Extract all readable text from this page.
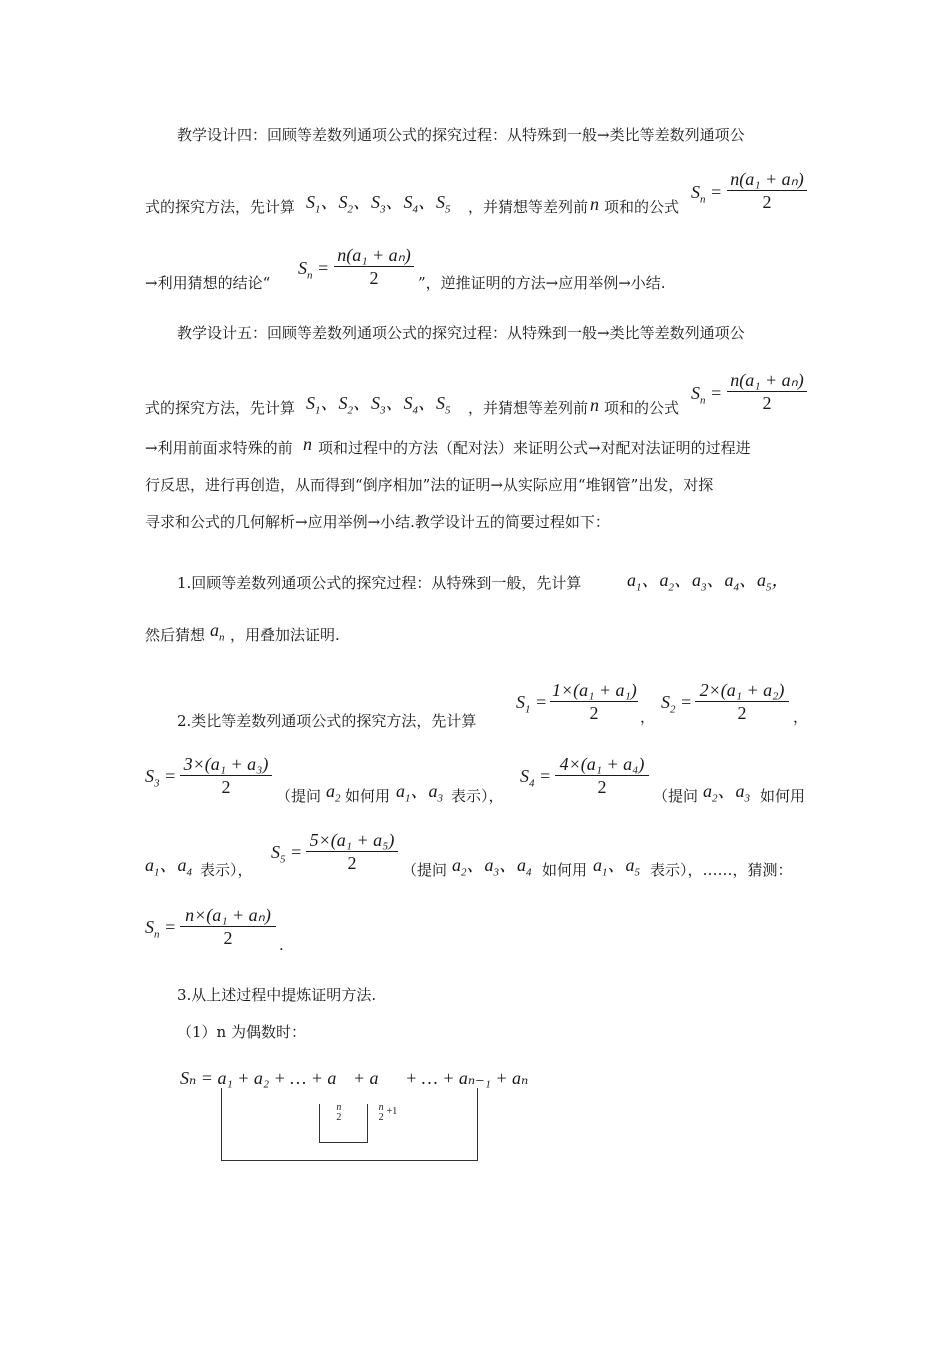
教学设计四：回顾等差数列通项公式的探究过程：从特殊到一般→类比等差数列通项公
式的探究方法，先计算 $S_1$、$S_2$、$S_3$、$S_4$、$S_5$ ，并猜想等差列前 n 项和的公式
$S_n = \frac{\text{n(a₁ + aₙ)}}{2}$
→利用猜想的结论“
$S_n = \frac{\text{n(a₁ + aₙ)}}{2}$ ”，逆推证明的方法→应用举例→小结.
教学设计五：回顾等差数列通项公式的探究过程：从特殊到一般→类比等差数列通项公
式的探究方法，先计算 $S_1$、$S_2$、$S_3$、$S_4$、$S_5$ ，并猜想等差列前 n 项和的公式
$S_n = \frac{\text{n(a₁ + aₙ)}}{2}$
→利用前面求特殊的前 n 项和过程中的方法（配对法）来证明公式→对配对法证明的过程进
行反思，进行再创造，从而得到“倒序相加”法的证明→从实际应用“堆钢管”出发，对探
寻求和公式的几何解析→应用举例→小结.教学设计五的简要过程如下：
1.回顾等差数列通项公式的探究过程：从特殊到一般，先计算	$a_1$、$a_2$、$a_3$、$a_4$、$a_5$，
然后猜想 $a_n$ ，用叠加法证明.
2.类比等差数列通项公式的探究方法，先计算
$S_1 = \frac{\text{1×(a₁ + a₁)}}{2}$ ，
$S_2 = \frac{\text{2×(a₁ + a₂)}}{2}$ ，
$S_3 = \frac{\text{3×(a₁ + a₃)}}{2}$ （提问 $a_2$ 如何用 $a_1$、$a_3$ 表示），
$S_4 = \frac{\text{4×(a₁ + a₄)}}{2}$ （提问 $a_2$、$a_3$ 如何用
$a_1$、$a_4$ 表示），
$S_5 = \frac{\text{5×(a₁ + a₅)}}{2}$ （提问 $a_2$、$a_3$、$a_4$ 如何用 $a_1$、$a_5$ 表示），……，猜测：
$S_n = \frac{\text{n×(a₁ + aₙ)}}{2}$ .
3.从上述过程中提炼证明方法.
（1）n 为偶数时：
Sₙ = a₁ + a₂ + … + a
n
2
+ a
n
2
+1
+ … + aₙ₋₁ + aₙ
